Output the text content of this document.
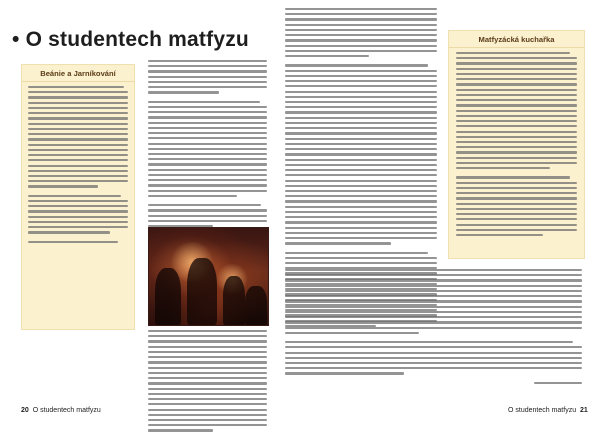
• O studentech matfyzu
Beánie a Jarníkování
Matfyzácká kuchařka
20 O studentech matfyzu	O studentech matfyzu 21
